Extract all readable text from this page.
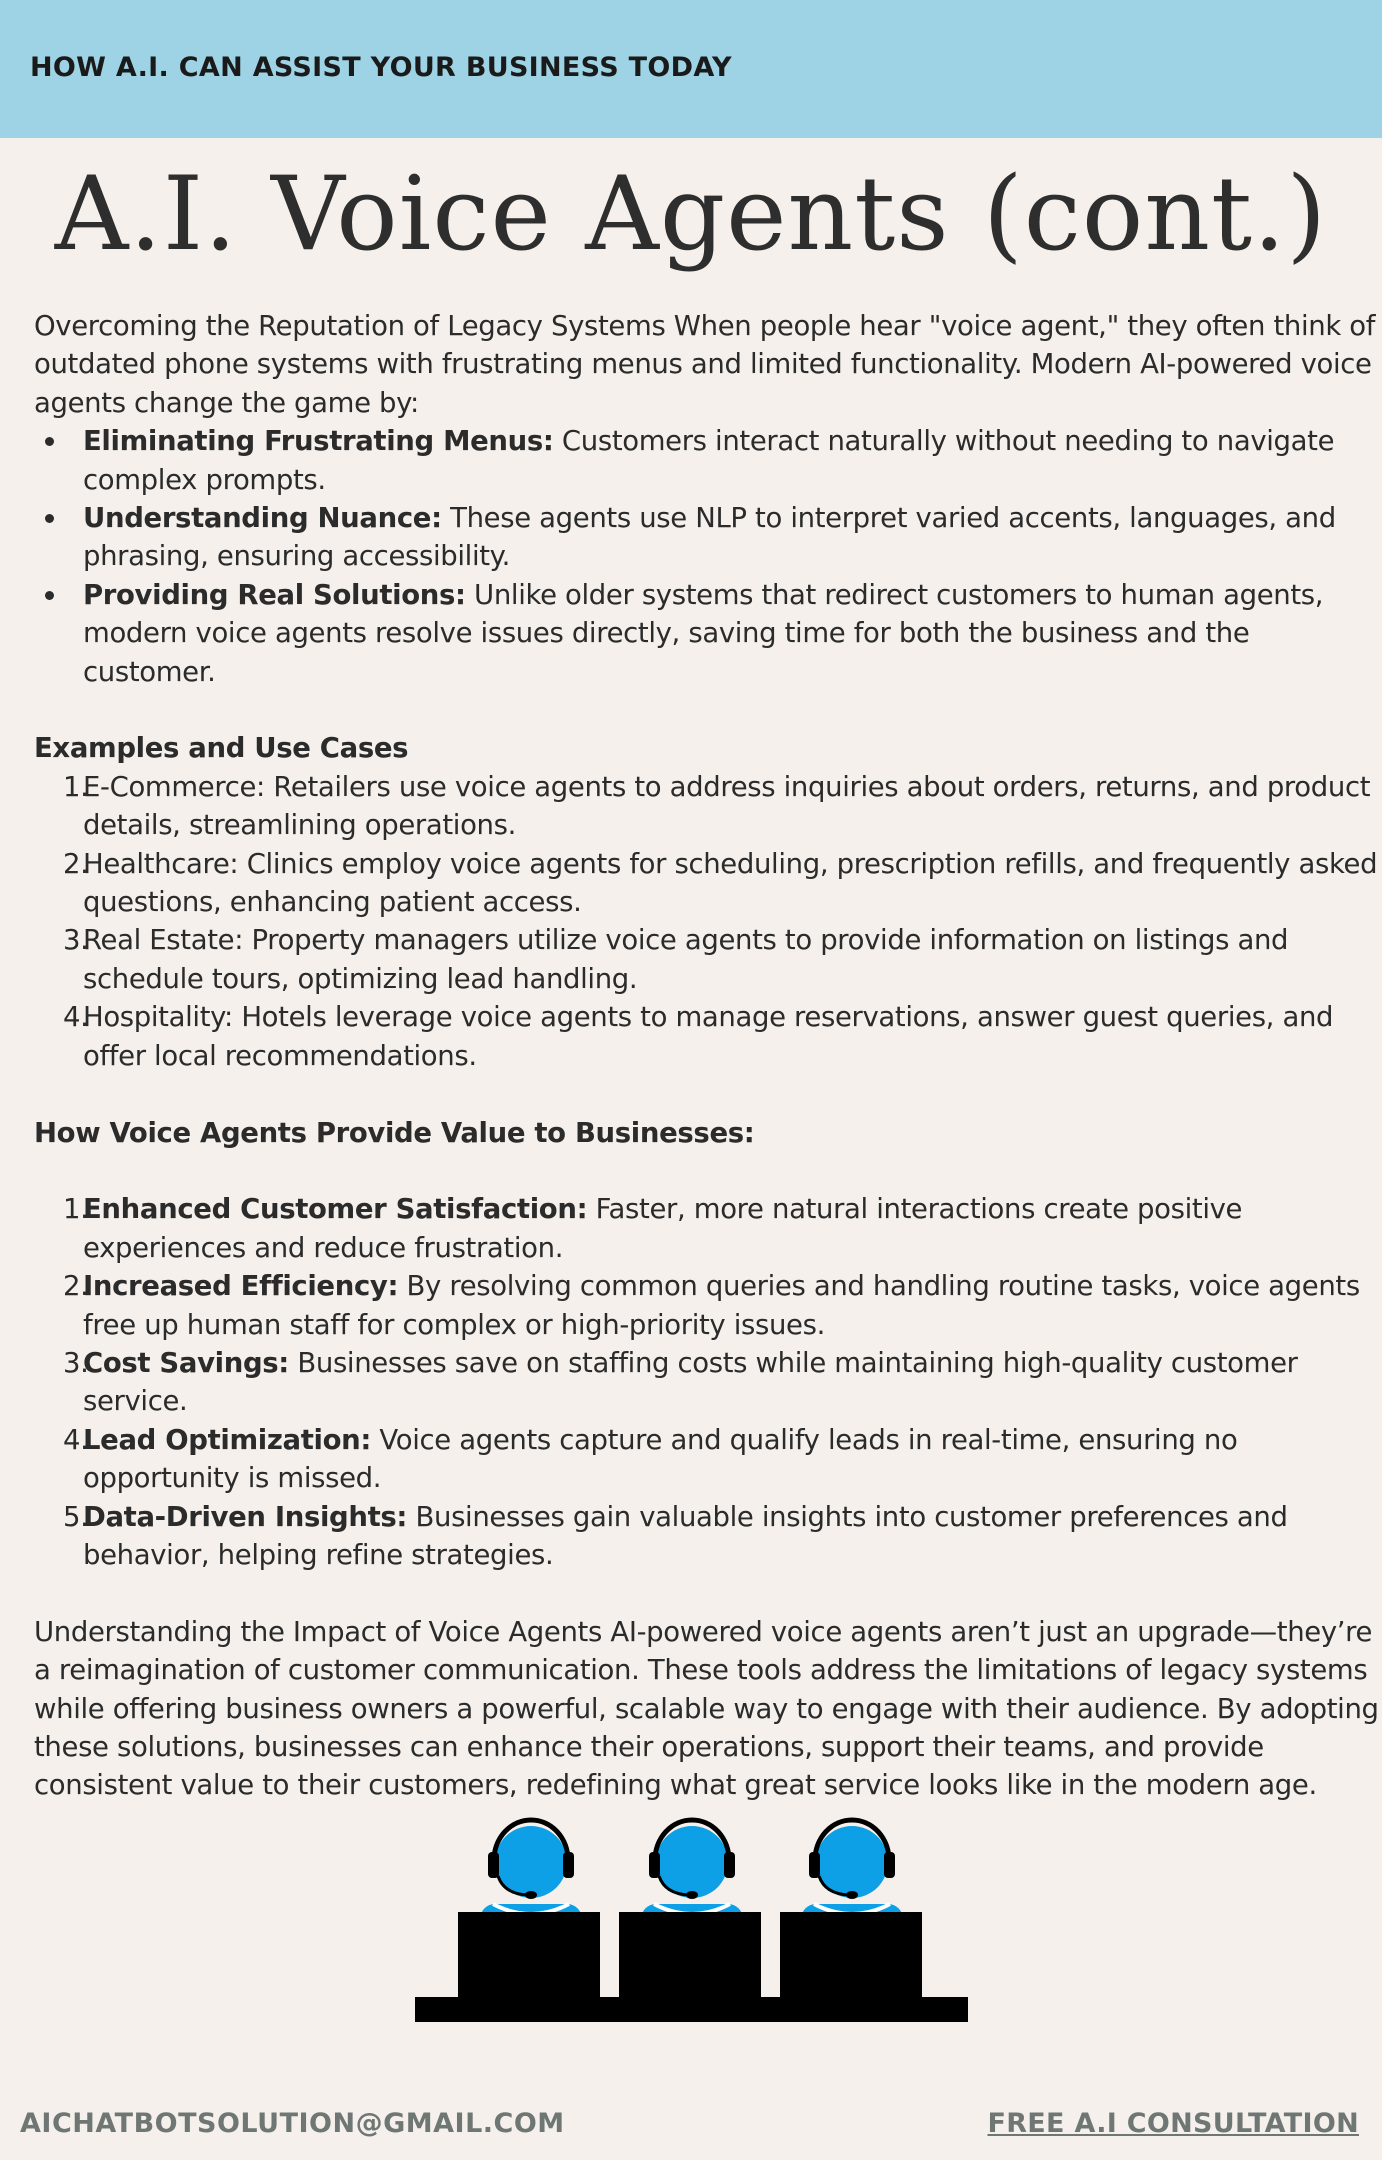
HOW A.I. CAN ASSIST YOUR BUSINESS TODAY
A.I. Voice Agents (cont.)

Overcoming the Reputation of Legacy Systems When people hear "voice agent," they often think of outdated phone systems with frustrating menus and limited functionality. Modern AI-powered voice agents change the game by:

Eliminating Frustrating Menus: Customers interact naturally without needing to navigate complex prompts.
Understanding Nuance: These agents use NLP to interpret varied accents, languages, and phrasing, ensuring accessibility.
Providing Real Solutions: Unlike older systems that redirect customers to human agents, modern voice agents resolve issues directly, saving time for both the business and the customer.

Examples and Use Cases

1.
E-Commerce: Retailers use voice agents to address inquiries about orders, returns, and product details, streamlining operations.
2.
Healthcare: Clinics employ voice agents for scheduling, prescription refills, and frequently asked questions, enhancing patient access.
3.
Real Estate: Property managers utilize voice agents to provide information on listings and schedule tours, optimizing lead handling.
4.
Hospitality: Hotels leverage voice agents to manage reservations, answer guest queries, and offer local recommendations.

How Voice Agents Provide Value to Businesses:

1.
Enhanced Customer Satisfaction: Faster, more natural interactions create positive experiences and reduce frustration.
2.
Increased Efficiency: By resolving common queries and handling routine tasks, voice agents free up human staff for complex or high-priority issues.
3.
Cost Savings: Businesses save on staffing costs while maintaining high-quality customer service.
4.
Lead Optimization: Voice agents capture and qualify leads in real-time, ensuring no opportunity is missed.
5.
Data-Driven Insights: Businesses gain valuable insights into customer preferences and behavior, helping refine strategies.

Understanding the Impact of Voice Agents AI-powered voice agents aren’t just an upgrade—they’re a reimagination of customer communication. These tools address the limitations of legacy systems while offering business owners a powerful, scalable way to engage with their audience. By adopting these solutions, businesses can enhance their operations, support their teams, and provide consistent value to their customers, redefining what great service looks like in the modern age.

AICHATBOTSOLUTION@GMAIL.COM	FREE A.I CONSULTATION
